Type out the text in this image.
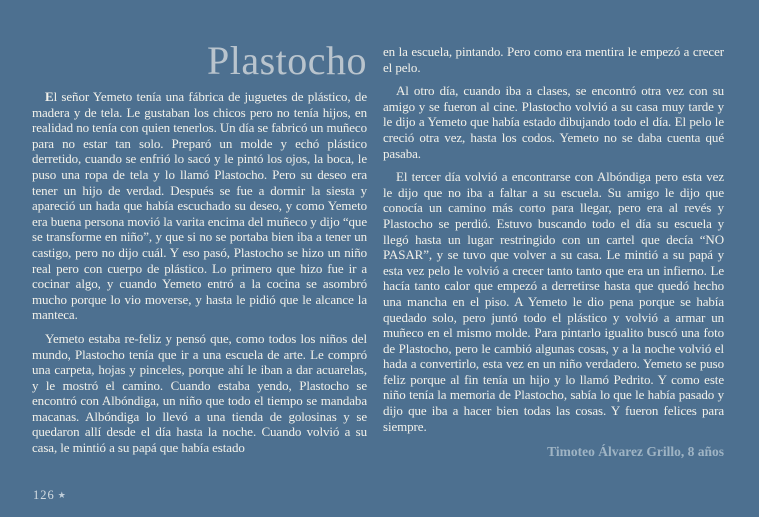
Plastocho

El señor Yemeto tenía una fábrica de juguetes de plástico, de madera y de tela. Le gustaban los chicos pero no tenía hijos, en realidad no tenía con quien tenerlos. Un día se fabricó un muñeco para no estar tan solo. Preparó un molde y echó plástico derretido, cuando se enfrió lo sacó y le pintó los ojos, la boca, le puso una ropa de tela y lo llamó Plastocho. Pero su deseo era tener un hijo de verdad. Después se fue a dormir la siesta y apareció un hada que había escuchado su deseo, y como Yemeto era buena persona movió la varita encima del muñeco y dijo “que se transforme en niño”, y que si no se portaba bien iba a tener un castigo, pero no dijo cuál. Y eso pasó, Plastocho se hizo un niño real pero con cuerpo de plástico. Lo primero que hizo fue ir a cocinar algo, y cuando Yemeto entró a la cocina se asombró mucho porque lo vio moverse, y hasta le pidió que le alcance la manteca.

Yemeto estaba re-feliz y pensó que, como todos los niños del mundo, Plastocho tenía que ir a una escuela de arte. Le compró una carpeta, hojas y pinceles, porque ahí le iban a dar acuarelas, y le mostró el camino. Cuando estaba yendo, Plastocho se encontró con Albóndiga, un niño que todo el tiempo se mandaba macanas. Albóndiga lo llevó a una tienda de golosinas y se quedaron allí desde el día hasta la noche. Cuando volvió a su casa, le mintió a su papá que había estado

en la escuela, pintando. Pero como era mentira le empezó a crecer el pelo.

Al otro día, cuando iba a clases, se encontró otra vez con su amigo y se fueron al cine. Plastocho volvió a su casa muy tarde y le dijo a Yemeto que había estado dibujando todo el día. El pelo le creció otra vez, hasta los codos. Yemeto no se daba cuenta qué pasaba.

El tercer día volvió a encontrarse con Albóndiga pero esta vez le dijo que no iba a faltar a su escuela. Su amigo le dijo que conocía un camino más corto para llegar, pero era al revés y Plastocho se perdió. Estuvo buscando todo el día su escuela y llegó hasta un lugar restringido con un cartel que decía “NO PASAR”, y se tuvo que volver a su casa. Le mintió a su papá y esta vez pelo le volvió a crecer tanto tanto que era un infierno. Le hacía tanto calor que empezó a derretirse hasta que quedó hecho una mancha en el piso. A Yemeto le dio pena porque se había quedado solo, pero juntó todo el plástico y volvió a armar un muñeco en el mismo molde. Para pintarlo igualito buscó una foto de Plastocho, pero le cambió algunas cosas, y a la noche volvió el hada a convertirlo, esta vez en un niño verdadero. Yemeto se puso feliz porque al fin tenía un hijo y lo llamó Pedrito. Y como este niño tenía la memoria de Plastocho, sabía lo que le había pasado y dijo que iba a hacer bien todas las cosas. Y fueron felices para siempre.

Timoteo Álvarez Grillo, 8 años

126 ★
